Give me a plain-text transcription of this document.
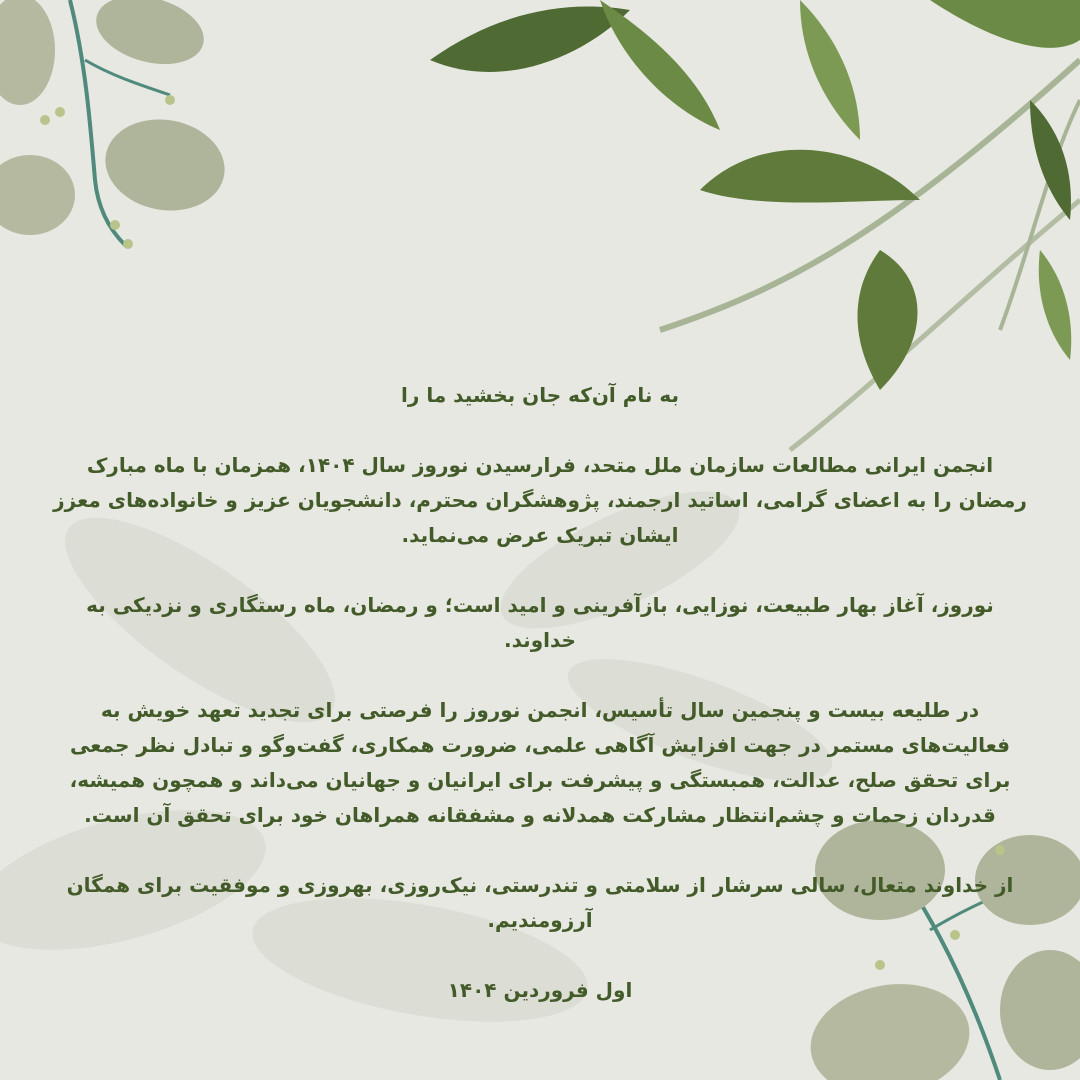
به نام آن‌که جان بخشید ما را

انجمن ایرانی مطالعات سازمان ملل متحد، فرارسیدن نوروز سال ۱۴۰۴، همزمان با ماه مبارک رمضان را به اعضای گرامی، اساتید ارجمند، پژوهشگران محترم، دانشجویان عزیز و خانواده‌های معزز ایشان تبریک عرض می‌نماید.

نوروز، آغاز بهار طبیعت، نوزایی، بازآفرینی و امید است؛ و رمضان، ماه رستگاری و نزدیکی به خداوند.

در طلیعه بیست و پنجمین سال تأسیس، انجمن نوروز را فرصتی برای تجدید تعهد خویش به فعالیت‌های مستمر در جهت افزایش آگاهی علمی، ضرورت همکاری، گفت‌وگو و تبادل نظر جمعی برای تحقق صلح، عدالت، همبستگی و پیشرفت برای ایرانیان و جهانیان می‌داند و همچون همیشه، قدردان زحمات و چشم‌انتظار مشارکت همدلانه و مشفقانه همراهان خود برای تحقق آن است.

از خداوند متعال، سالی سرشار از سلامتی و تندرستی، نیک‌روزی، بهروزی و موفقیت برای همگان آرزومندیم.

اول فروردین ۱۴۰۴
